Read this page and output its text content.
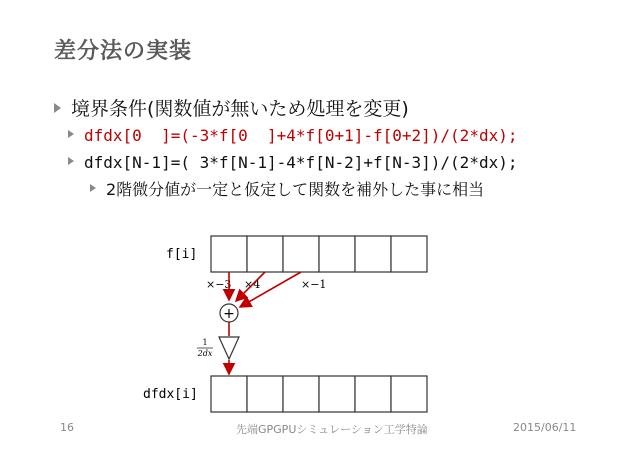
差分法の実装
境界条件(関数値が無いため処理を変更)
dfdx[0  ]=(-3*f[0  ]+4*f[0+1]-f[0+2])/(2*dx);
dfdx[N-1]=( 3*f[N-1]-4*f[N-2]+f[N-3])/(2*dx);
2階微分値が一定と仮定して関数を補外した事に相当
f[i]
×−3 ×4	×−1
+
1
2dx
dfdx[i]
16	先端GPGPUシミュレーション工学特論	2015/06/11
